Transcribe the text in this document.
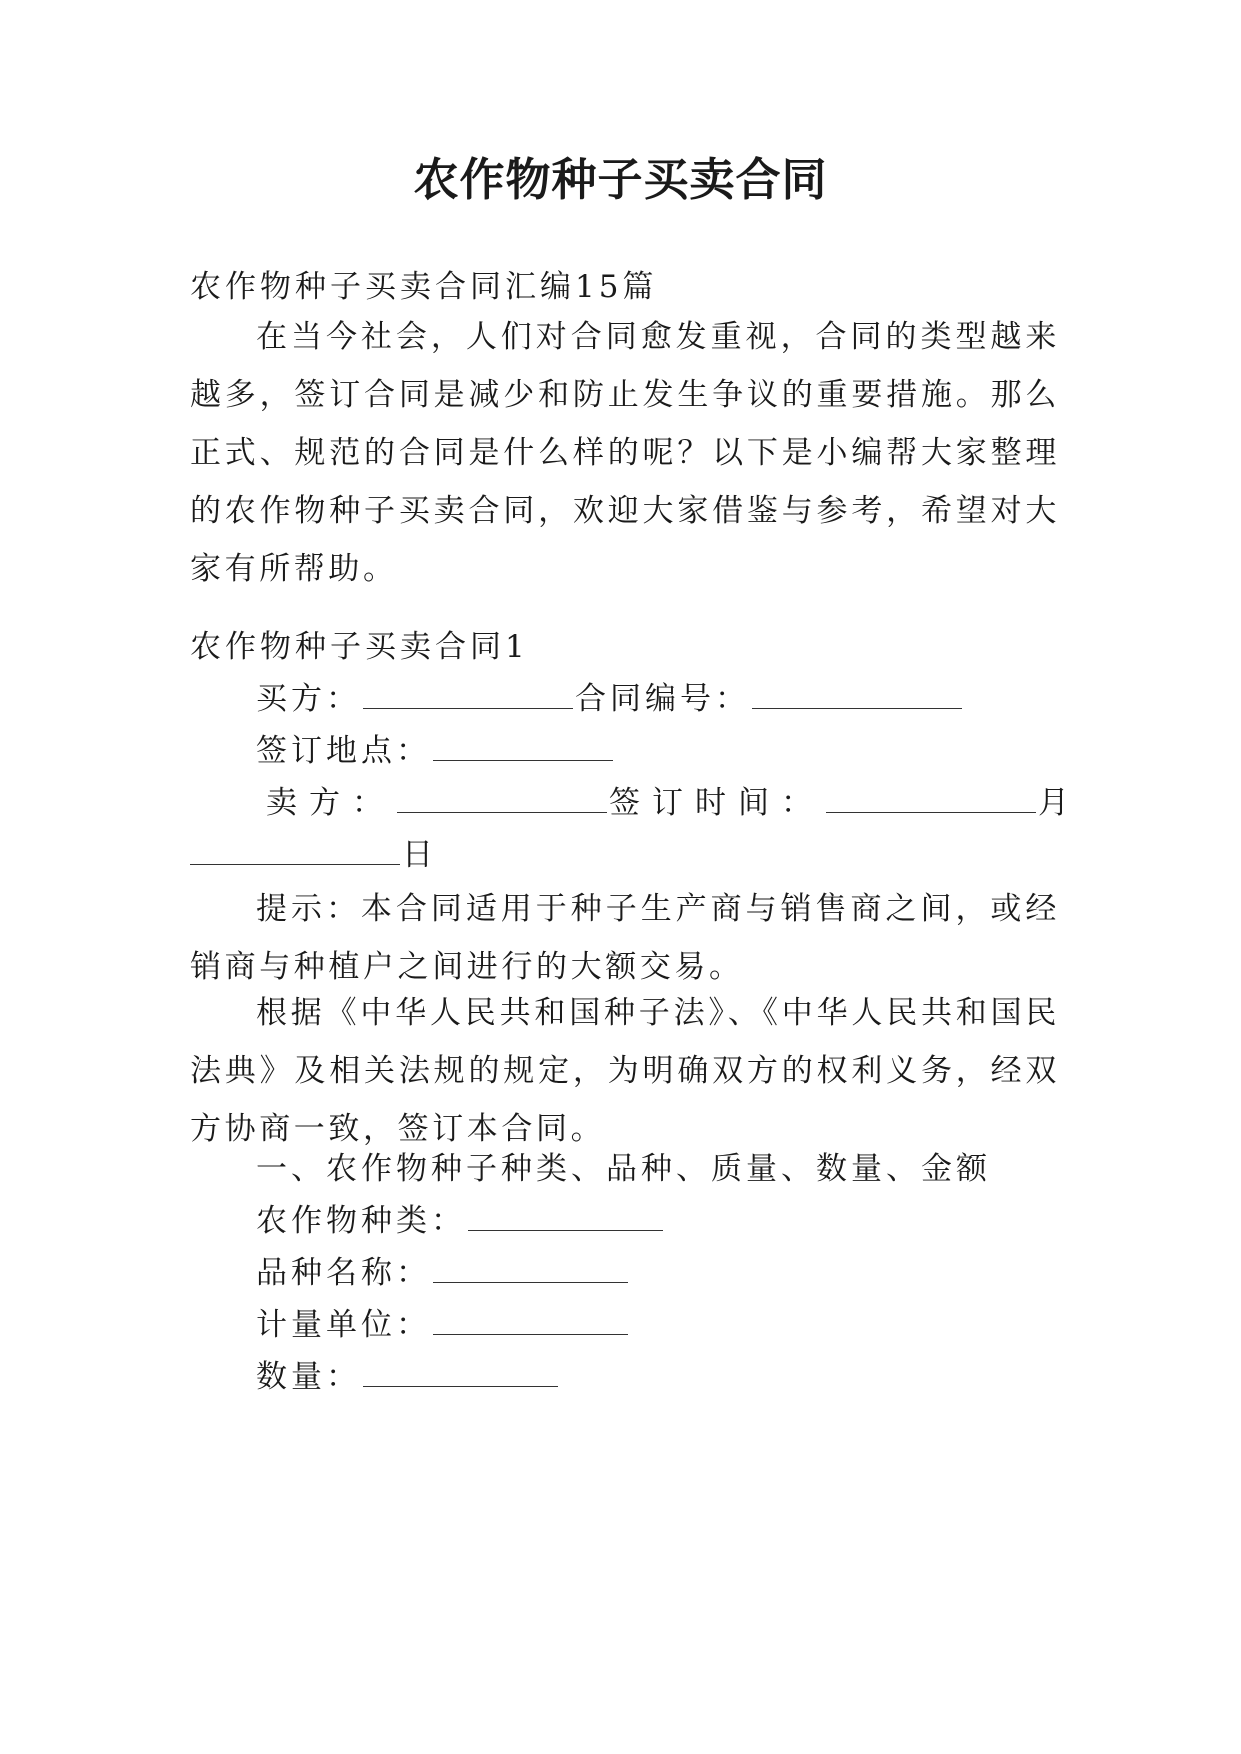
农作物种子买卖合同
农作物种子买卖合同汇编15篇
在当今社会，人们对合同愈发重视，合同的类型越来越多，签订合同是减少和防止发生争议的重要措施。那么正式、规范的合同是什么样的呢？以下是小编帮大家整理的农作物种子买卖合同，欢迎大家借鉴与参考，希望对大家有所帮助。
农作物种子买卖合同1
买方：	合同编号：
签订地点：
卖方：	签订时间：	月
日
提示：本合同适用于种子生产商与销售商之间，或经销商与种植户之间进行的大额交易。
根据《中华人民共和国种子法》、《中华人民共和国民法典》及相关法规的规定，为明确双方的权利义务，经双方协商一致，签订本合同。
一、农作物种子种类、品种、质量、数量、金额
农作物种类：
品种名称：
计量单位：
数量：
